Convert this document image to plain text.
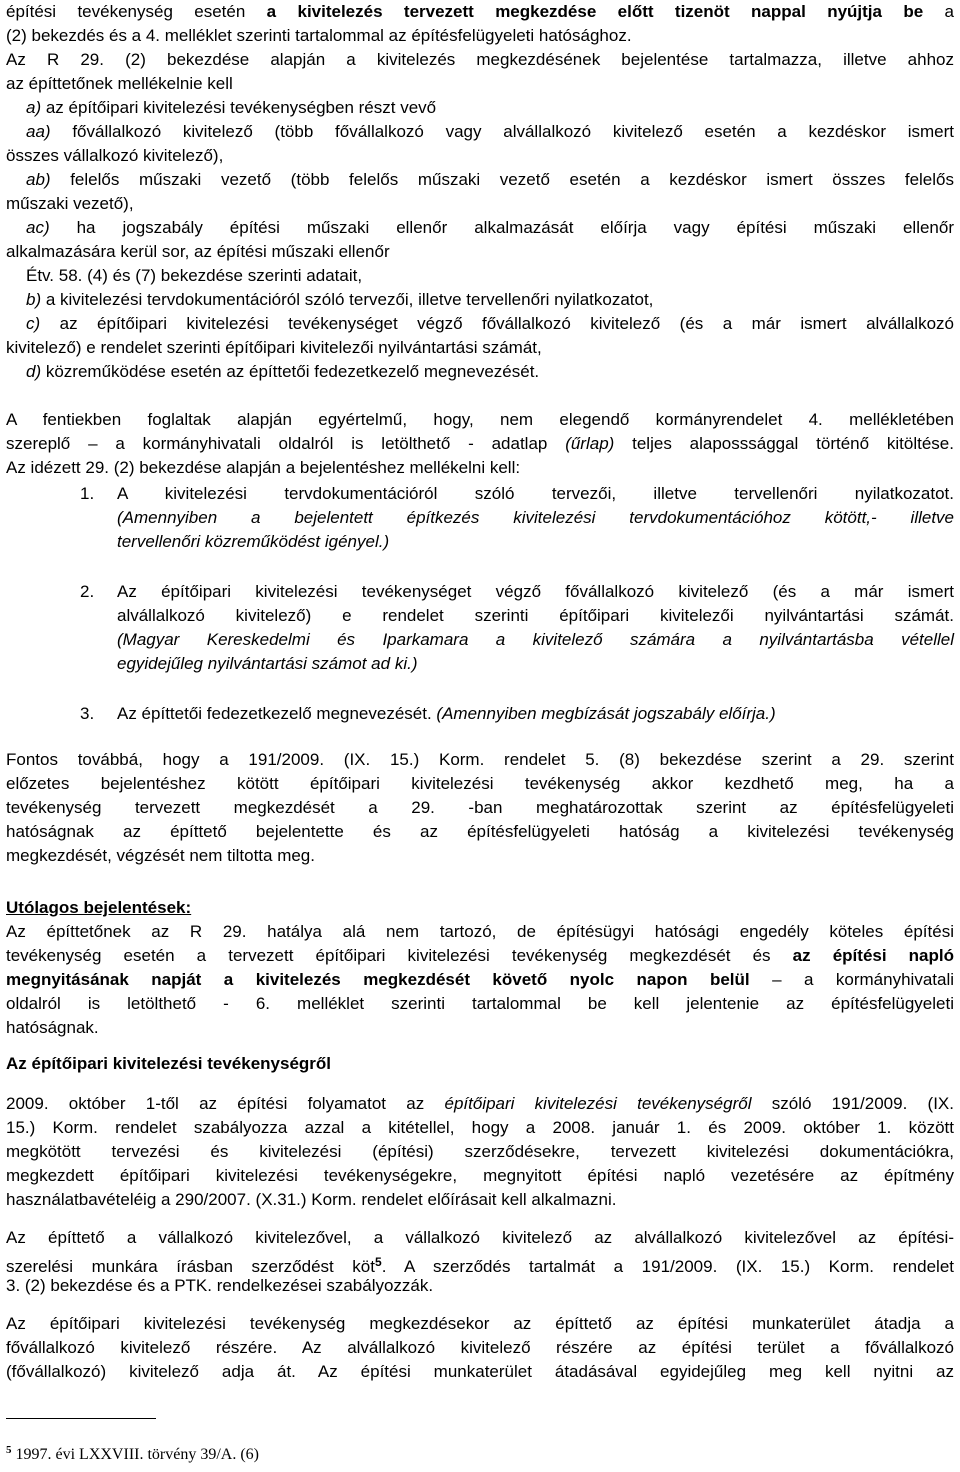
építési tevékenység esetén a kivitelezés tervezett megkezdése előtt tizenöt nappal nyújtja be a
(2) bekezdés és a 4. melléklet szerinti tartalommal az építésfelügyeleti hatósághoz.
Az R 29. (2) bekezdése alapján a kivitelezés megkezdésének bejelentése tartalmazza, illetve ahhoz
az építtetőnek mellékelnie kell
a) az építőipari kivitelezési tevékenységben részt vevő
aa) fővállalkozó kivitelező (több fővállalkozó vagy alvállalkozó kivitelező esetén a kezdéskor ismert
összes vállalkozó kivitelező),
ab) felelős műszaki vezető (több felelős műszaki vezető esetén a kezdéskor ismert összes felelős
műszaki vezető),
ac) ha jogszabály építési műszaki ellenőr alkalmazását előírja vagy építési műszaki ellenőr
alkalmazására kerül sor, az építési műszaki ellenőr
Étv. 58. (4) és (7) bekezdése szerinti adatait,
b) a kivitelezési tervdokumentációról szóló tervezői, illetve tervellenőri nyilatkozatot,
c) az építőipari kivitelezési tevékenységet végző fővállalkozó kivitelező (és a már ismert alvállalkozó
kivitelező) e rendelet szerinti építőipari kivitelezői nyilvántartási számát,
d) közreműködése esetén az építtetői fedezetkezelő megnevezését.
A fentiekben foglaltak alapján egyértelmű, hogy, nem elegendő kormányrendelet 4. mellékletében
szereplő – a kormányhivatali oldalról is letölthető - adatlap (űrlap) teljes alaposssággal történő kitöltése.
Az idézett 29. (2) bekezdése alapján a bejelentéshez mellékelni kell:
1. A kivitelezési tervdokumentációról szóló tervezői, illetve tervellenőri nyilatkozatot.
(Amennyiben a bejelentett építkezés kivitelezési tervdokumentációhoz kötött,- illetve
tervellenőri közreműködést igényel.)
2. Az építőipari kivitelezési tevékenységet végző fővállalkozó kivitelező (és a már ismert
alvállalkozó kivitelező) e rendelet szerinti építőipari kivitelezői nyilvántartási számát.
(Magyar Kereskedelmi és Iparkamara a kivitelező számára a nyilvántartásba vétellel
egyidejűleg nyilvántartási számot ad ki.)
3. Az építtetői fedezetkezelő megnevezését. (Amennyiben megbízását jogszabály előírja.)
Fontos továbbá, hogy a 191/2009. (IX. 15.) Korm. rendelet 5. (8) bekezdése szerint a 29. szerint
előzetes bejelentéshez kötött építőipari kivitelezési tevékenység akkor kezdhető meg, ha a
tevékenység tervezett megkezdését a 29. -ban meghatározottak szerint az építésfelügyeleti
hatóságnak az építtető bejelentette és az építésfelügyeleti hatóság a kivitelezési tevékenység
megkezdését, végzését nem tiltotta meg.
Utólagos bejelentések:
Az építtetőnek az R 29. hatálya alá nem tartozó, de építésügyi hatósági engedély köteles építési
tevékenység esetén a tervezett építőipari kivitelezési tevékenység megkezdését és az építési napló
megnyitásának napját a kivitelezés megkezdését követő nyolc napon belül – a kormányhivatali
oldalról is letölthető - 6. melléklet szerinti tartalommal be kell jelentenie az építésfelügyeleti
hatóságnak.
Az építőipari kivitelezési tevékenységről
2009. október 1-től az építési folyamatot az építőipari kivitelezési tevékenységről szóló 191/2009. (IX.
15.) Korm. rendelet szabályozza azzal a kitétellel, hogy a 2008. január 1. és 2009. október 1. között
megkötött tervezési és kivitelezési (építési) szerződésekre, tervezett kivitelezési dokumentációkra,
megkezdett építőipari kivitelezési tevékenységekre, megnyitott építési napló vezetésére az építmény
használatbavételéig a 290/2007. (X.31.) Korm. rendelet előírásait kell alkalmazni.
Az építtető a vállalkozó kivitelezővel, a vállalkozó kivitelező az alvállalkozó kivitelezővel az építési-
szerelési munkára írásban szerződést köt$^5$. A szerződés tartalmát a 191/2009. (IX. 15.) Korm. rendelet
3. (2) bekezdése és a PTK. rendelkezései szabályozzák.
Az építőipari kivitelezési tevékenység megkezdésekor az építtető az építési munkaterület átadja a
fővállalkozó kivitelező részére. Az alvállalkozó kivitelező részére az építési terület a fővállalkozó
(fővállalkozó) kivitelező adja át. Az építési munkaterület átadásával egyidejűleg meg kell nyitni az
$^5$ 1997. évi LXXVIII. törvény 39/A. (6)
